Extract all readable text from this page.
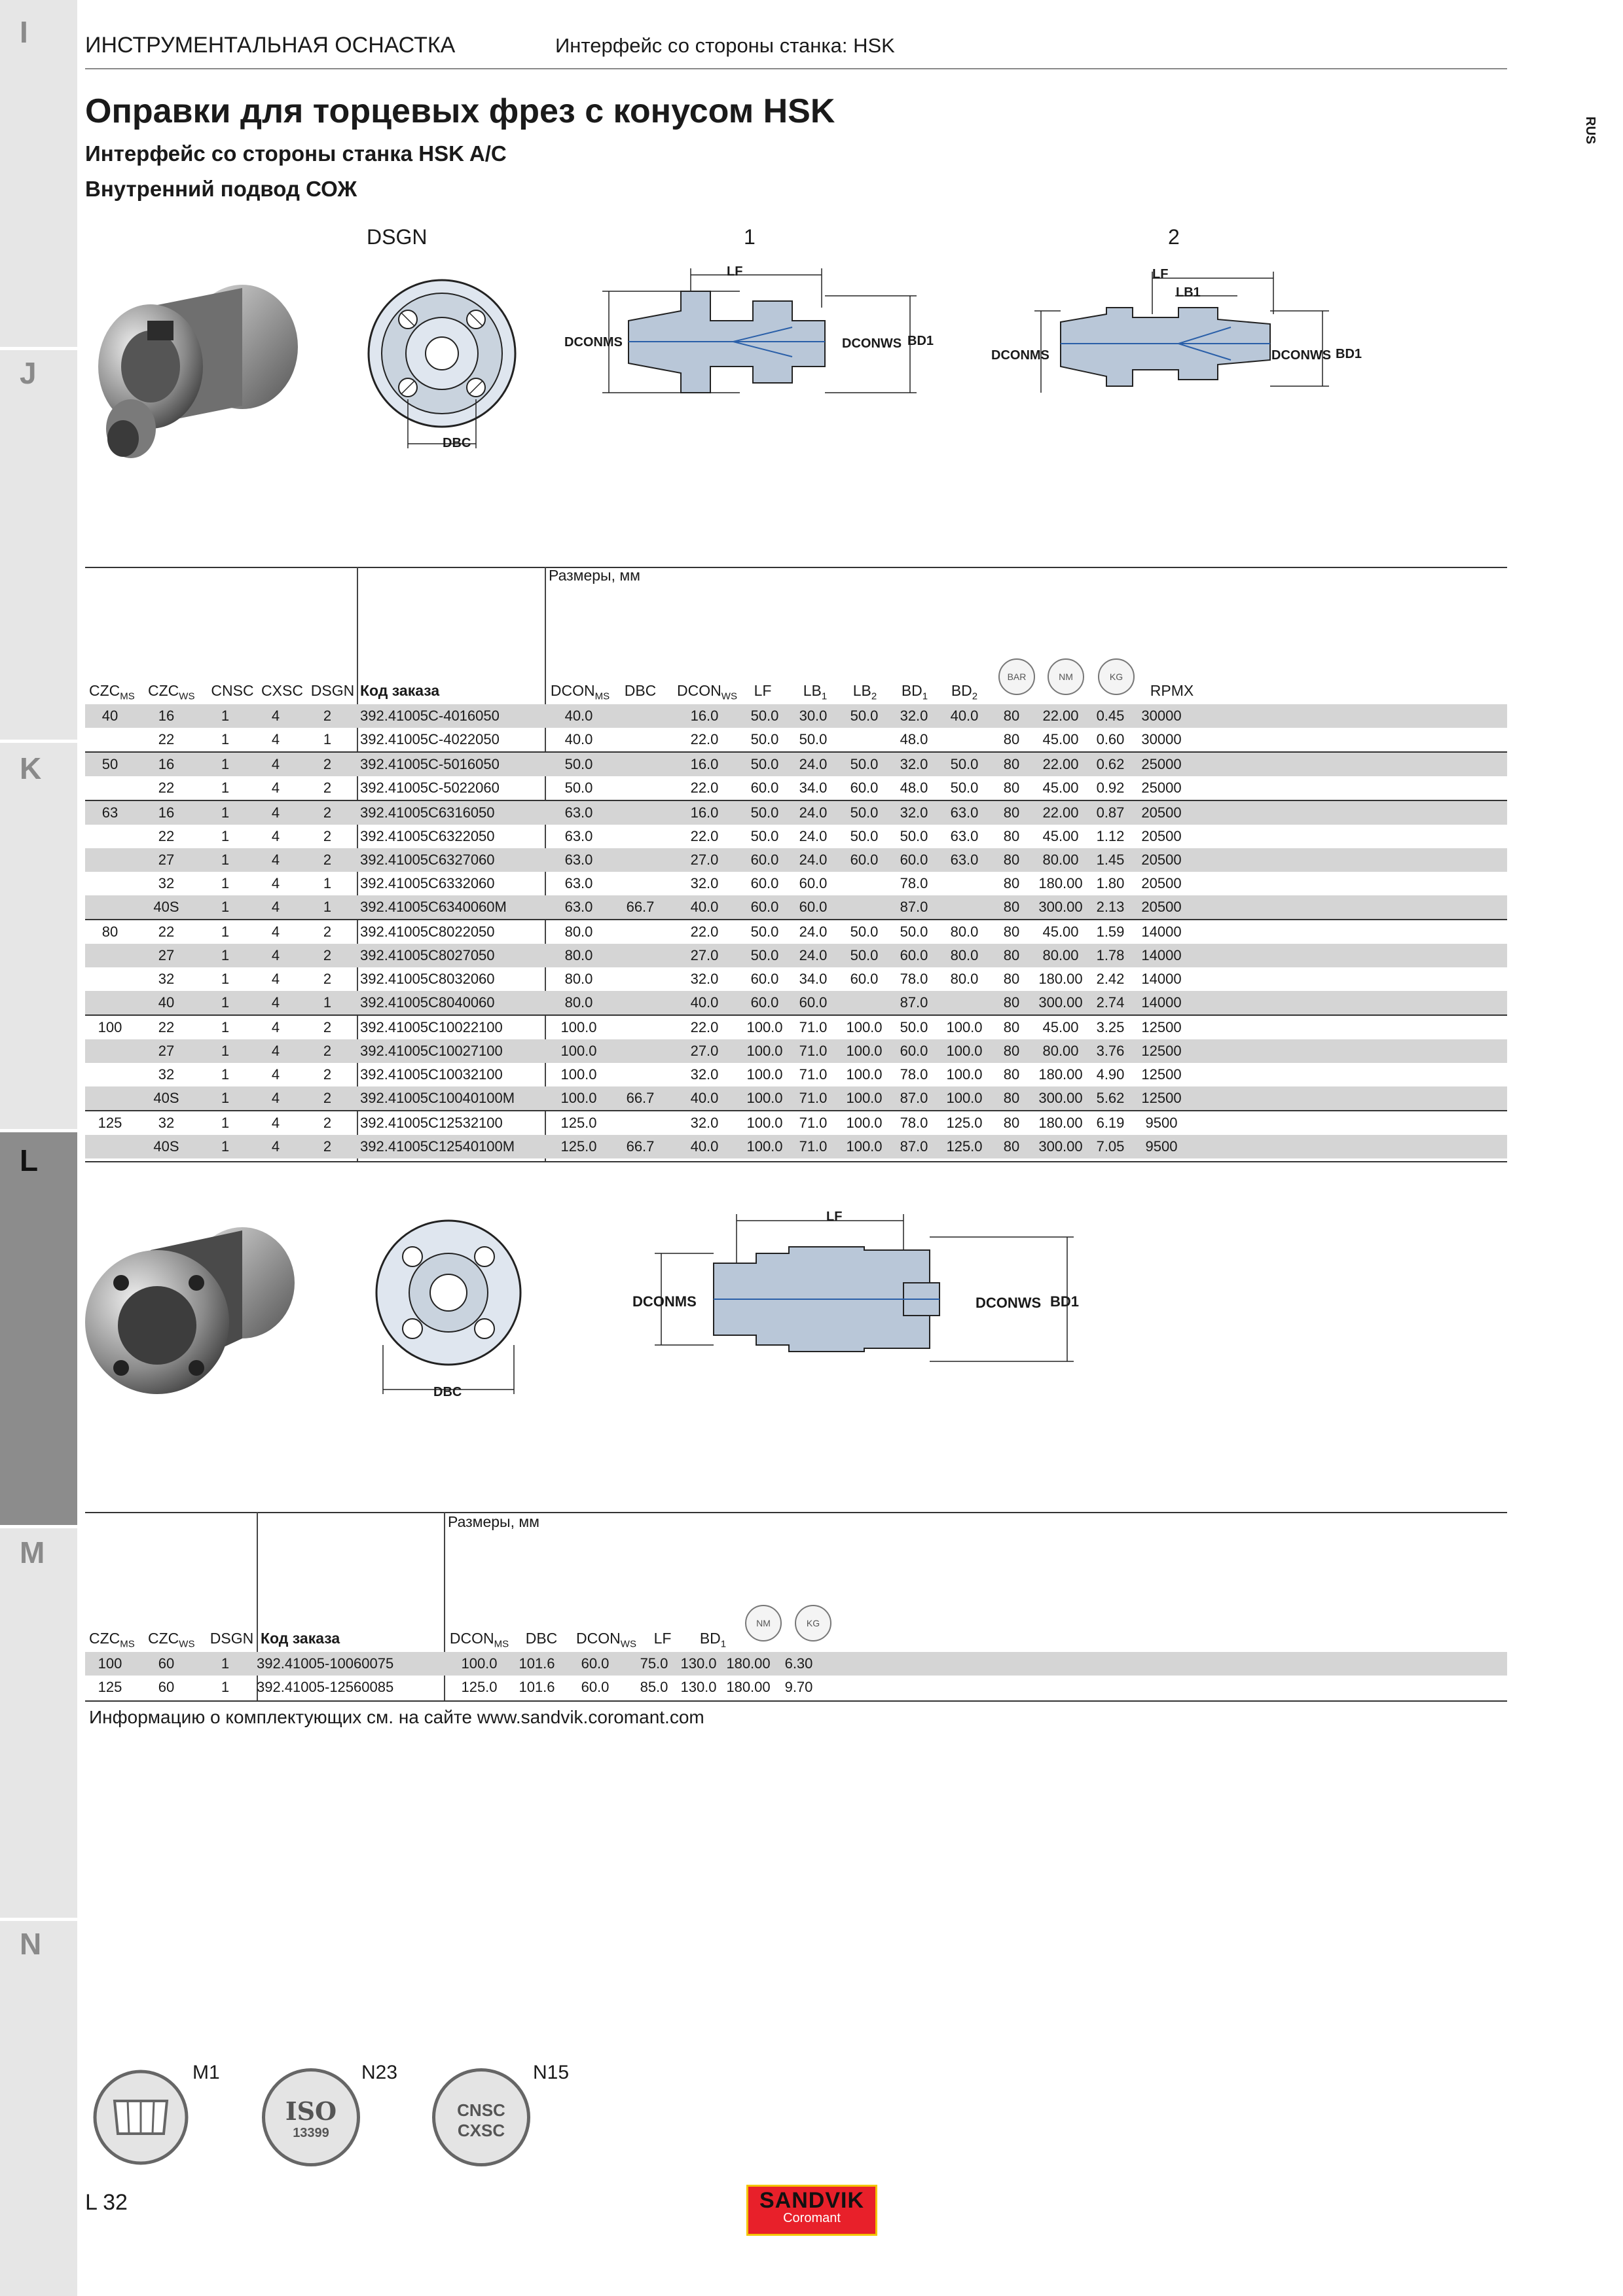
I
J
K
L
M
N
ИНСТРУМЕНТАЛЬНАЯ ОСНАСТКА	Интерфейс со стороны станка: HSK
RUS
Оправки для торцевых фрез с конусом HSK
Интерфейс со стороны станка HSK A/C
Внутренний подвод СОЖ
DSGN	1	2
DBC
LF
DCONMS	DCONWS BD1
LF
LB1
DCONMS	DCONWS BD1
Размеры, мм
BAR	NM	KG
$CZC_{MS}$ $CZC_{WS}$ CNSC CXSC DSGN Код заказа	$DCON_{MS}$ DBC	$DCON_{WS}$	LF	$LB_1$	$LB_2$	$BD_1$	$BD_2$	RPMX
40	16	1	4	2	392.41005C-4016050	40.0		16.0	50.0	30.0	50.0	32.0	40.0	80	22.00	0.45	30000	
	22	1	4	1	392.41005C-4022050	40.0		22.0	50.0	50.0		48.0		80	45.00	0.60	30000	
50	16	1	4	2	392.41005C-5016050	50.0		16.0	50.0	24.0	50.0	32.0	50.0	80	22.00	0.62	25000	
	22	1	4	2	392.41005C-5022060	50.0		22.0	60.0	34.0	60.0	48.0	50.0	80	45.00	0.92	25000	
63	16	1	4	2	392.41005C6316050	63.0		16.0	50.0	24.0	50.0	32.0	63.0	80	22.00	0.87	20500	
	22	1	4	2	392.41005C6322050	63.0		22.0	50.0	24.0	50.0	50.0	63.0	80	45.00	1.12	20500	
	27	1	4	2	392.41005C6327060	63.0		27.0	60.0	24.0	60.0	60.0	63.0	80	80.00	1.45	20500	
	32	1	4	1	392.41005C6332060	63.0		32.0	60.0	60.0		78.0		80	180.00	1.80	20500	
	40S	1	4	1	392.41005C6340060M	63.0	66.7	40.0	60.0	60.0		87.0		80	300.00	2.13	20500	
80	22	1	4	2	392.41005C8022050	80.0		22.0	50.0	24.0	50.0	50.0	80.0	80	45.00	1.59	14000	
	27	1	4	2	392.41005C8027050	80.0		27.0	50.0	24.0	50.0	60.0	80.0	80	80.00	1.78	14000	
	32	1	4	2	392.41005C8032060	80.0		32.0	60.0	34.0	60.0	78.0	80.0	80	180.00	2.42	14000	
	40	1	4	1	392.41005C8040060	80.0		40.0	60.0	60.0		87.0		80	300.00	2.74	14000	
100	22	1	4	2	392.41005C10022100	100.0		22.0	100.0	71.0	100.0	50.0	100.0	80	45.00	3.25	12500	
	27	1	4	2	392.41005C10027100	100.0		27.0	100.0	71.0	100.0	60.0	100.0	80	80.00	3.76	12500	
	32	1	4	2	392.41005C10032100	100.0		32.0	100.0	71.0	100.0	78.0	100.0	80	180.00	4.90	12500	
	40S	1	4	2	392.41005C10040100M	100.0	66.7	40.0	100.0	71.0	100.0	87.0	100.0	80	300.00	5.62	12500	
125	32	1	4	2	392.41005C12532100	125.0		32.0	100.0	71.0	100.0	78.0	125.0	80	180.00	6.19	9500	
	40S	1	4	2	392.41005C12540100M	125.0	66.7	40.0	100.0	71.0	100.0	87.0	125.0	80	300.00	7.05	9500	
DBC
LF
DCONMS	DCONWS BD1
Размеры, мм
NM	KG
$CZC_{MS}$ $CZC_{WS}$ DSGN Код заказа	$DCON_{MS}$	DBC	$DCON_{WS}$	LF	$BD_1$
100	60	1	392.41005-10060075	100.0	101.6	60.0	75.0	130.0	180.00	6.30	
125	60	1	392.41005-12560085	125.0	101.6	60.0	85.0	130.0	180.00	9.70	
Информацию о комплектующих см. на сайте www.sandvik.coromant.com
M1	N23	N15
ISO
13399
CNSC
CXSC
L 32	SANDVIK
Coromant
